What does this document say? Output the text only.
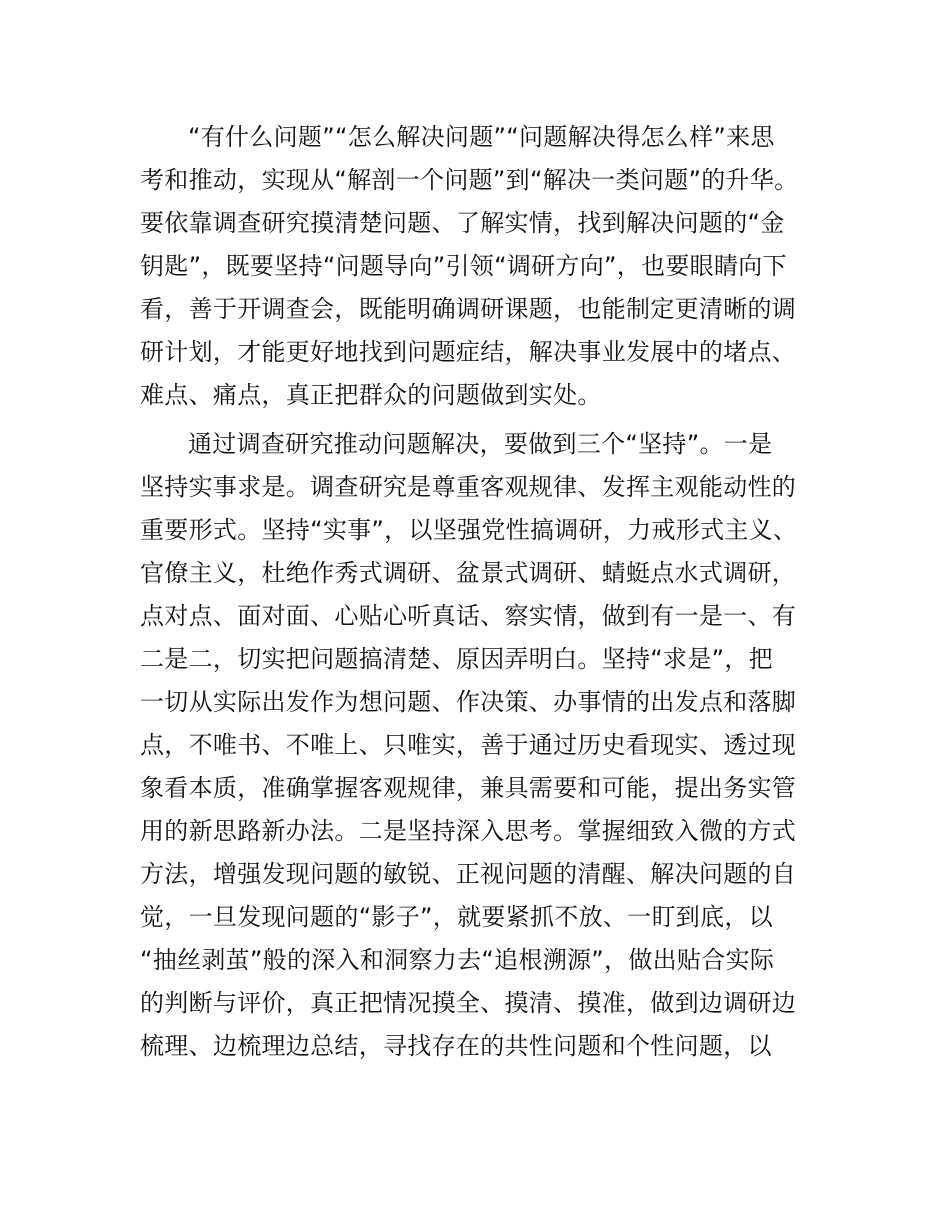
“有什么问题”“怎么解决问题”“问题解决得怎么样”来思
考和推动，实现从“解剖一个问题”到“解决一类问题”的升华。
要依靠调查研究摸清楚问题、了解实情，找到解决问题的“金
钥匙”，既要坚持“问题导向”引领“调研方向”，也要眼睛向下
看，善于开调查会，既能明确调研课题，也能制定更清晰的调
研计划，才能更好地找到问题症结，解决事业发展中的堵点、
难点、痛点，真正把群众的问题做到实处。
通过调查研究推动问题解决，要做到三个“坚持”。一是
坚持实事求是。调查研究是尊重客观规律、发挥主观能动性的
重要形式。坚持“实事”，以坚强党性搞调研，力戒形式主义、
官僚主义，杜绝作秀式调研、盆景式调研、蜻蜓点水式调研，
点对点、面对面、心贴心听真话、察实情，做到有一是一、有
二是二，切实把问题搞清楚、原因弄明白。坚持“求是”，把
一切从实际出发作为想问题、作决策、办事情的出发点和落脚
点，不唯书、不唯上、只唯实，善于通过历史看现实、透过现
象看本质，准确掌握客观规律，兼具需要和可能，提出务实管
用的新思路新办法。二是坚持深入思考。掌握细致入微的方式
方法，增强发现问题的敏锐、正视问题的清醒、解决问题的自
觉，一旦发现问题的“影子”，就要紧抓不放、一盯到底，以
“抽丝剥茧”般的深入和洞察力去“追根溯源”，做出贴合实际
的判断与评价，真正把情况摸全、摸清、摸准，做到边调研边
梳理、边梳理边总结，寻找存在的共性问题和个性问题，以
